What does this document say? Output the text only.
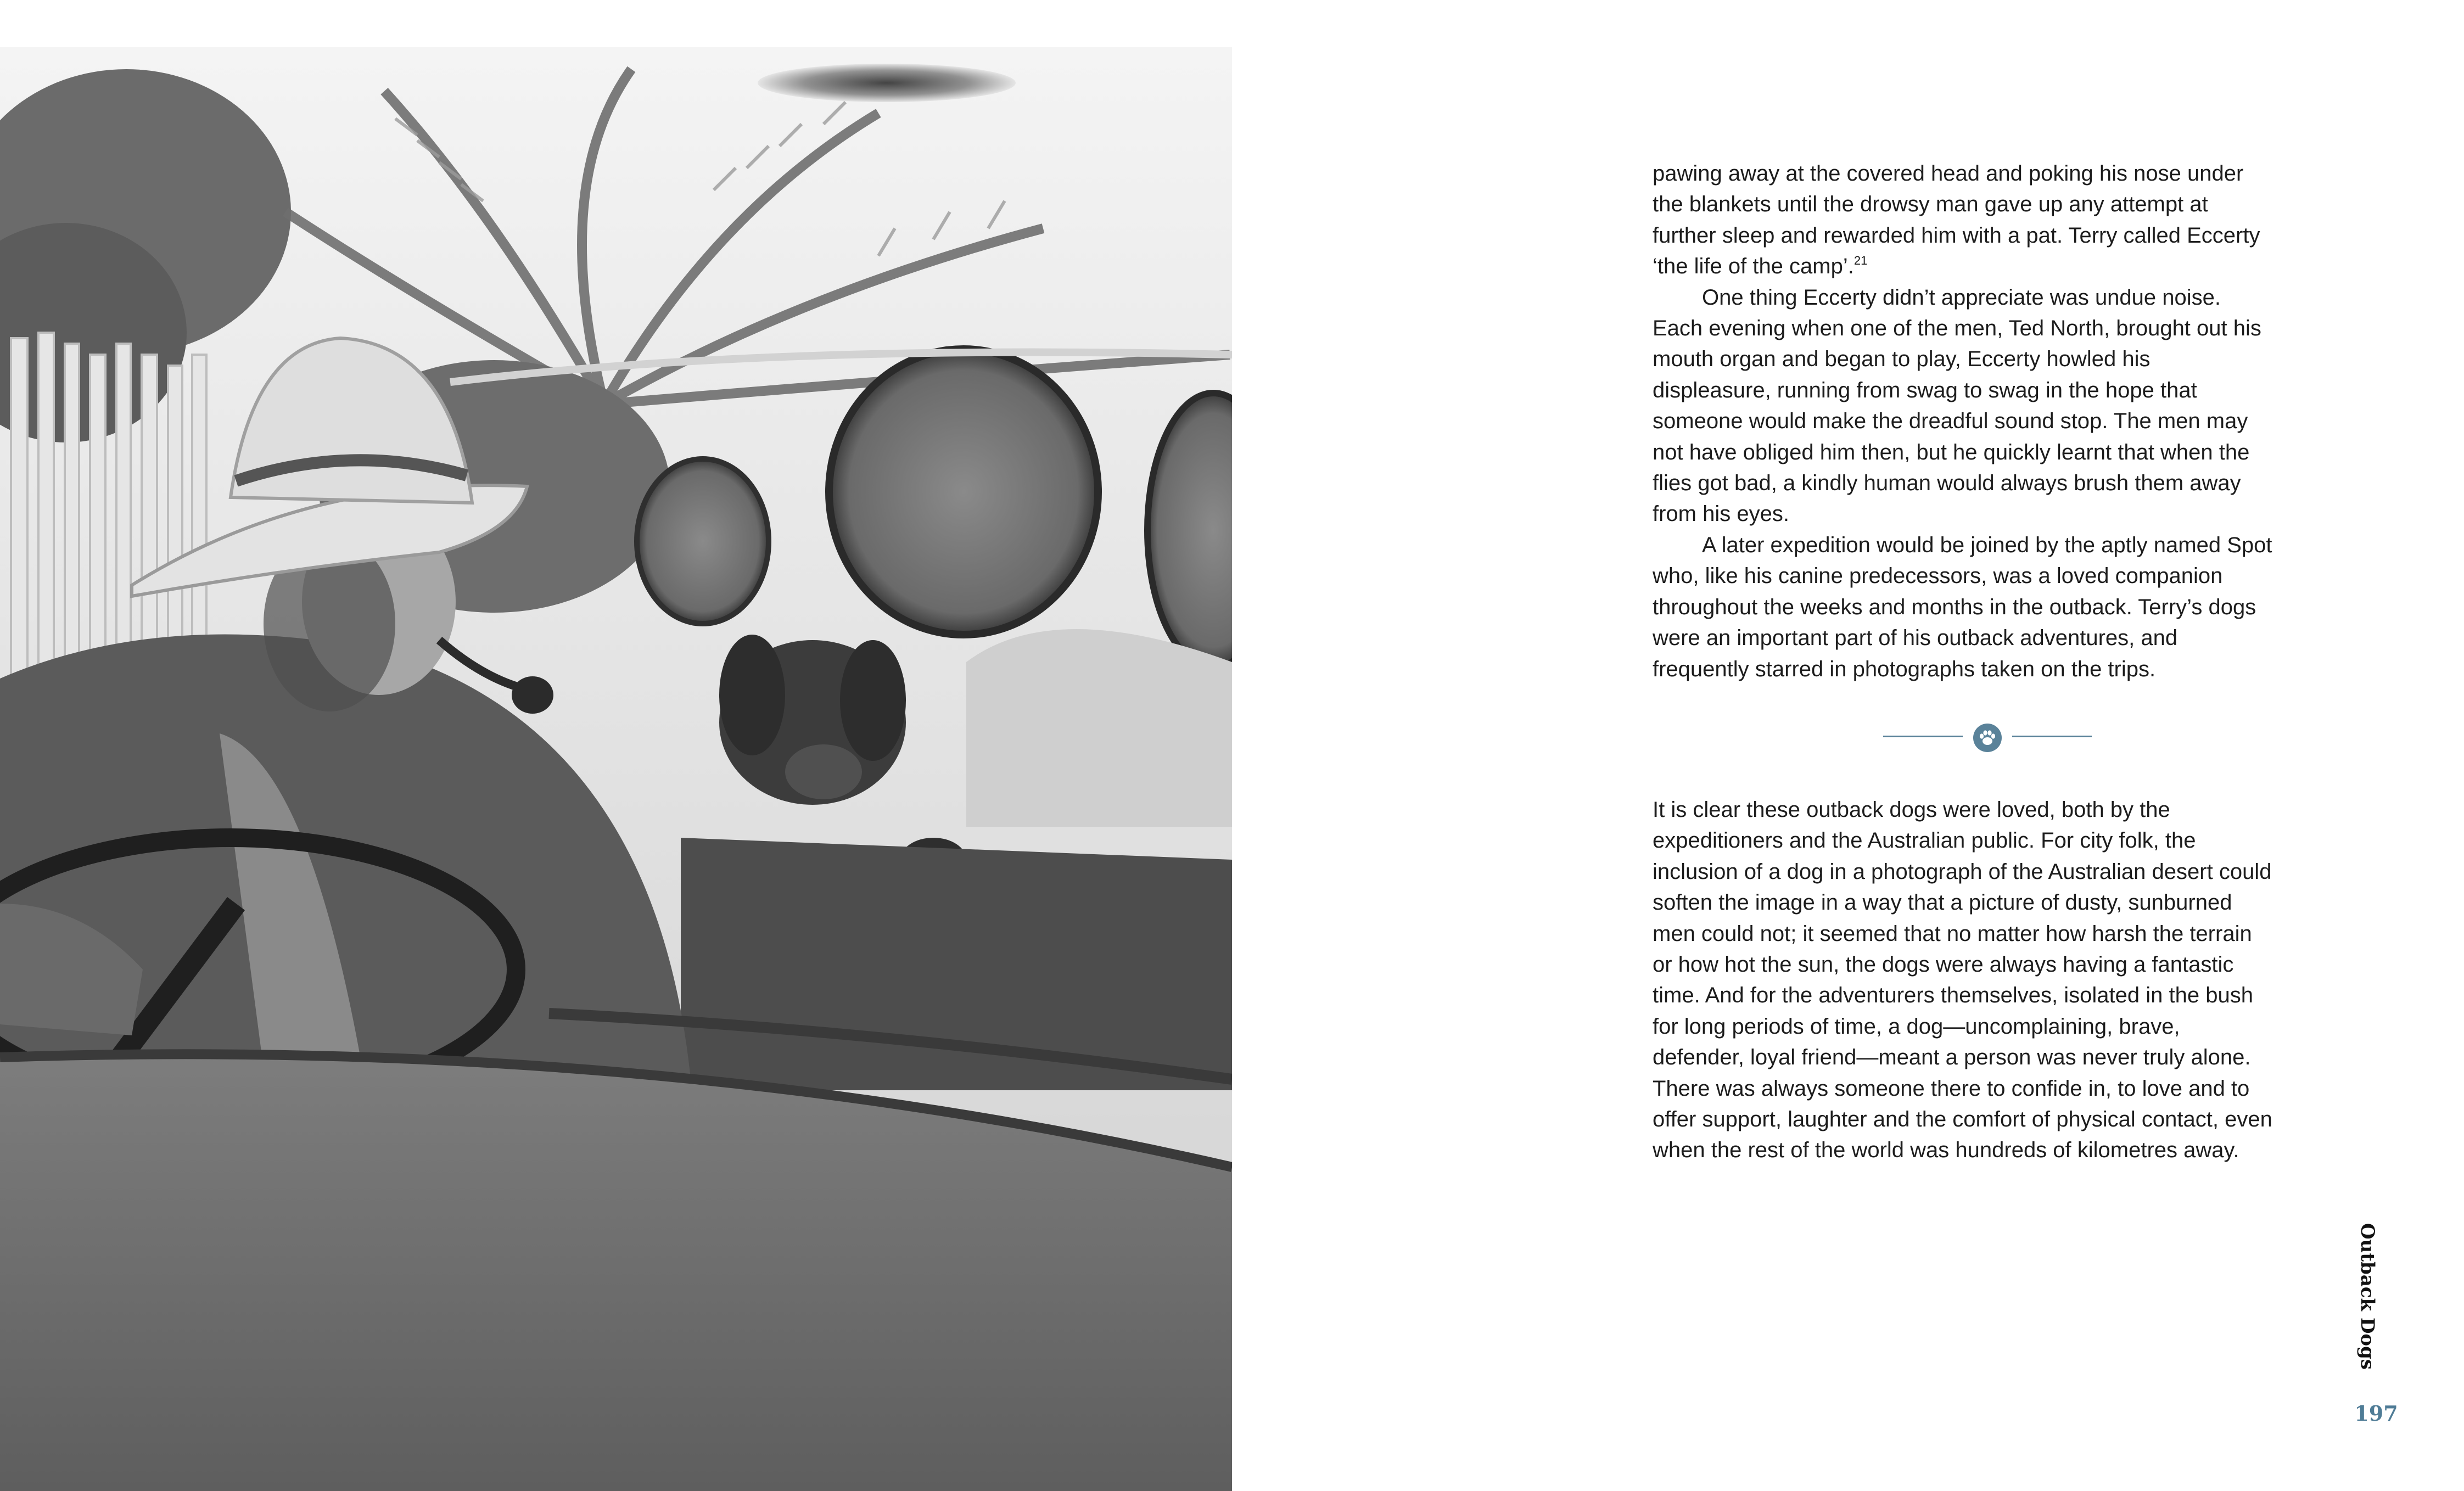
pawing away at the covered head and poking his nose under the blankets until the drowsy man gave up any attempt at further sleep and rewarded him with a pat. Terry called Eccerty ‘the life of the camp’.$^{21}$

One thing Eccerty didn’t appreciate was undue noise. Each evening when one of the men, Ted North, brought out his mouth organ and began to play, Eccerty howled his displeasure, running from swag to swag in the hope that someone would make the dreadful sound stop. The men may not have obliged him then, but he quickly learnt that when the flies got bad, a kindly human would always brush them away from his eyes.

A later expedition would be joined by the aptly named Spot who, like his canine predecessors, was a loved companion throughout the weeks and months in the outback. Terry’s dogs were an important part of his outback adventures, and frequently starred in photographs taken on the trips.

It is clear these outback dogs were loved, both by the expeditioners and the Australian public. For city folk, the inclusion of a dog in a photograph of the Australian desert could soften the image in a way that a picture of dusty, sunburned men could not; it seemed that no matter how harsh the terrain or how hot the sun, the dogs were always having a fantastic time. And for the adventurers themselves, isolated in the bush for long periods of time, a dog—uncomplaining, brave, defender, loyal friend—meant a person was never truly alone. There was always someone there to confide in, to love and to offer support, laughter and the comfort of physical contact, even when the rest of the world was hundreds of kilometres away.

Outback Dogs
197
